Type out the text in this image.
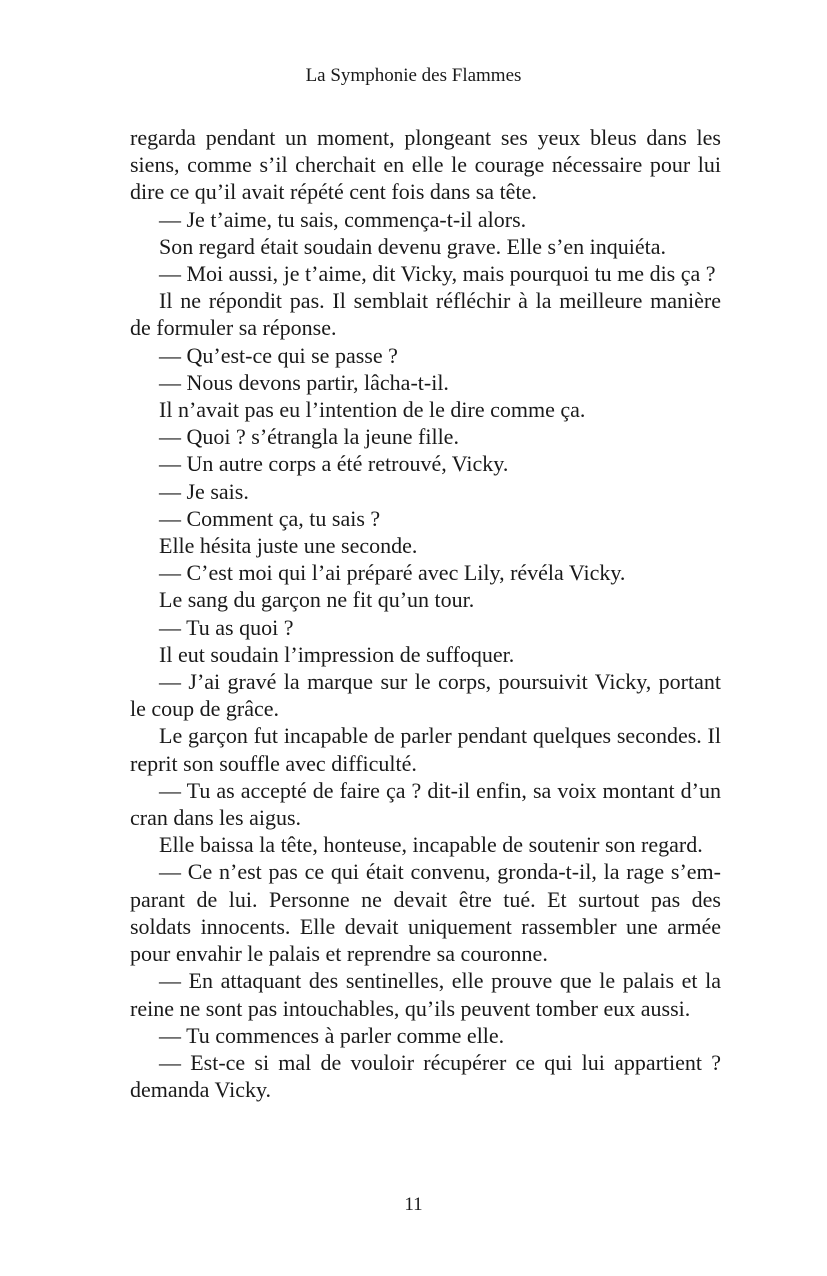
La Symphonie des Flammes

regarda pendant un moment, plongeant ses yeux bleus dans les siens, comme s’il cherchait en elle le courage nécessaire pour lui dire ce qu’il avait répété cent fois dans sa tête.

— Je t’aime, tu sais, commença-t-il alors.

Son regard était soudain devenu grave. Elle s’en inquiéta.

— Moi aussi, je t’aime, dit Vicky, mais pourquoi tu me dis ça ?

Il ne répondit pas. Il semblait réfléchir à la meilleure manière de formuler sa réponse.

— Qu’est-ce qui se passe ?

— Nous devons partir, lâcha-t-il.

Il n’avait pas eu l’intention de le dire comme ça.

— Quoi ? s’étrangla la jeune fille.

— Un autre corps a été retrouvé, Vicky.

— Je sais.

— Comment ça, tu sais ?

Elle hésita juste une seconde.

— C’est moi qui l’ai préparé avec Lily, révéla Vicky.

Le sang du garçon ne fit qu’un tour.

— Tu as quoi ?

Il eut soudain l’impression de suffoquer.

— J’ai gravé la marque sur le corps, poursuivit Vicky, portant le coup de grâce.

Le garçon fut incapable de parler pendant quelques secondes. Il reprit son souffle avec difficulté.

— Tu as accepté de faire ça ? dit-il enfin, sa voix montant d’un cran dans les aigus.

Elle baissa la tête, honteuse, incapable de soutenir son regard.

— Ce n’est pas ce qui était convenu, gronda-t-il, la rage s’emparant de lui. Personne ne devait être tué. Et surtout pas des soldats innocents. Elle devait uniquement rassembler une armée pour envahir le palais et reprendre sa couronne.

— En attaquant des sentinelles, elle prouve que le palais et la reine ne sont pas intouchables, qu’ils peuvent tomber eux aussi.

— Tu commences à parler comme elle.

— Est-ce si mal de vouloir récupérer ce qui lui appartient ? demanda Vicky.

11
